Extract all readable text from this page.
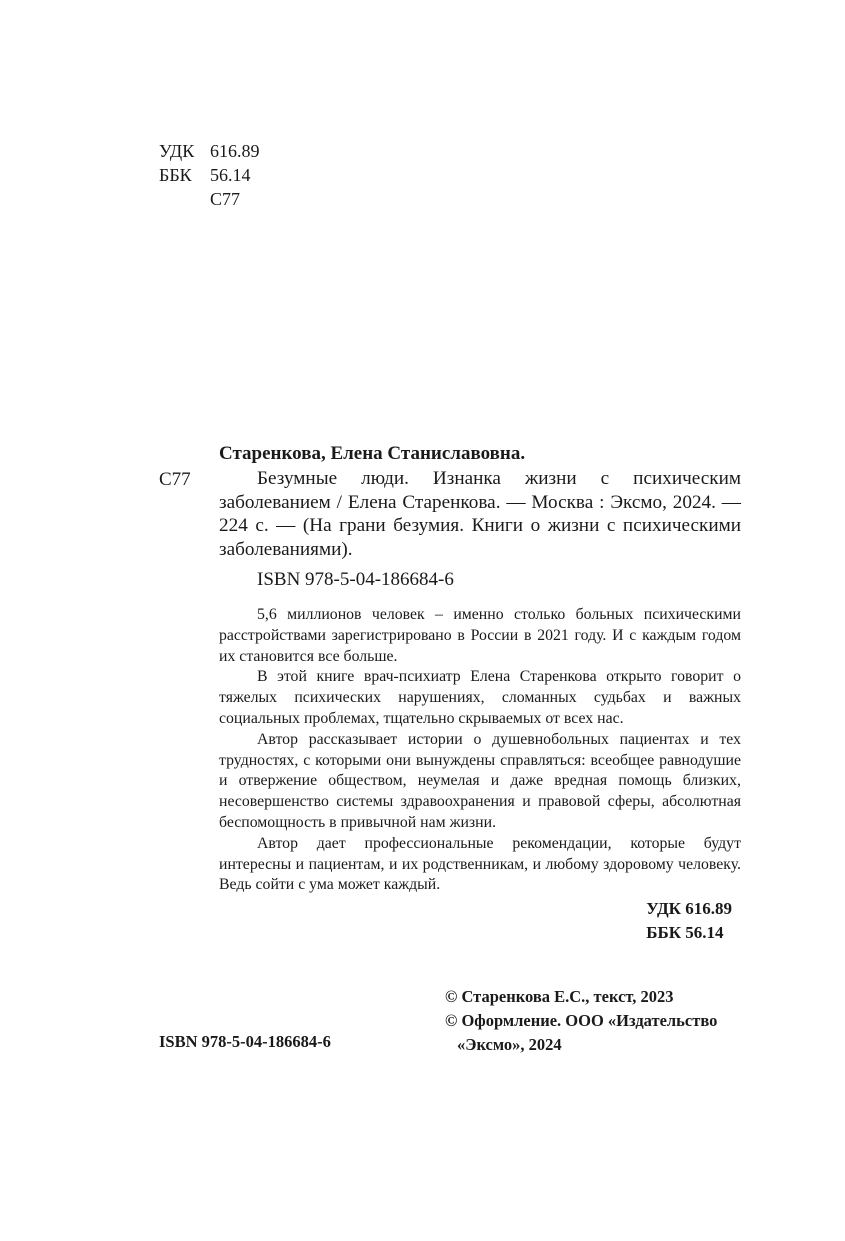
УДК 616.89
ББК	56.14
С77
Старенкова, Елена Станиславовна.
С77	Безумные люди. Изнанка жизни с психическим заболеванием / Елена Старенкова. — Москва : Эксмо, 2024. — 224 с. — (На грани безумия. Книги о жизни с психическими заболеваниями).

ISBN 978-5-04-186684-6

5,6 миллионов человек – именно столько больных психическими расстройствами зарегистрировано в России в 2021 году. И с каждым годом их становится все больше.

В этой книге врач-психиатр Елена Старенкова открыто говорит о тяжелых психических нарушениях, сломанных судьбах и важных социальных проблемах, тщательно скрываемых от всех нас.

Автор рассказывает истории о душевнобольных пациентах и тех трудностях, с которыми они вынуждены справляться: всеобщее равнодушие и отвержение обществом, неумелая и даже вредная помощь близких, несовершенство системы здравоохранения и правовой сферы, абсолютная беспомощность в привычной нам жизни.

Автор дает профессиональные рекомендации, которые будут интересны и пациентам, и их родственникам, и любому здоровому человеку. Ведь сойти с ума может каждый.

УДК 616.89
ББК 56.14
© Старенкова Е.С., текст, 2023
© Оформление. ООО «Издательство
«Эксмо», 2024
ISBN 978-5-04-186684-6
